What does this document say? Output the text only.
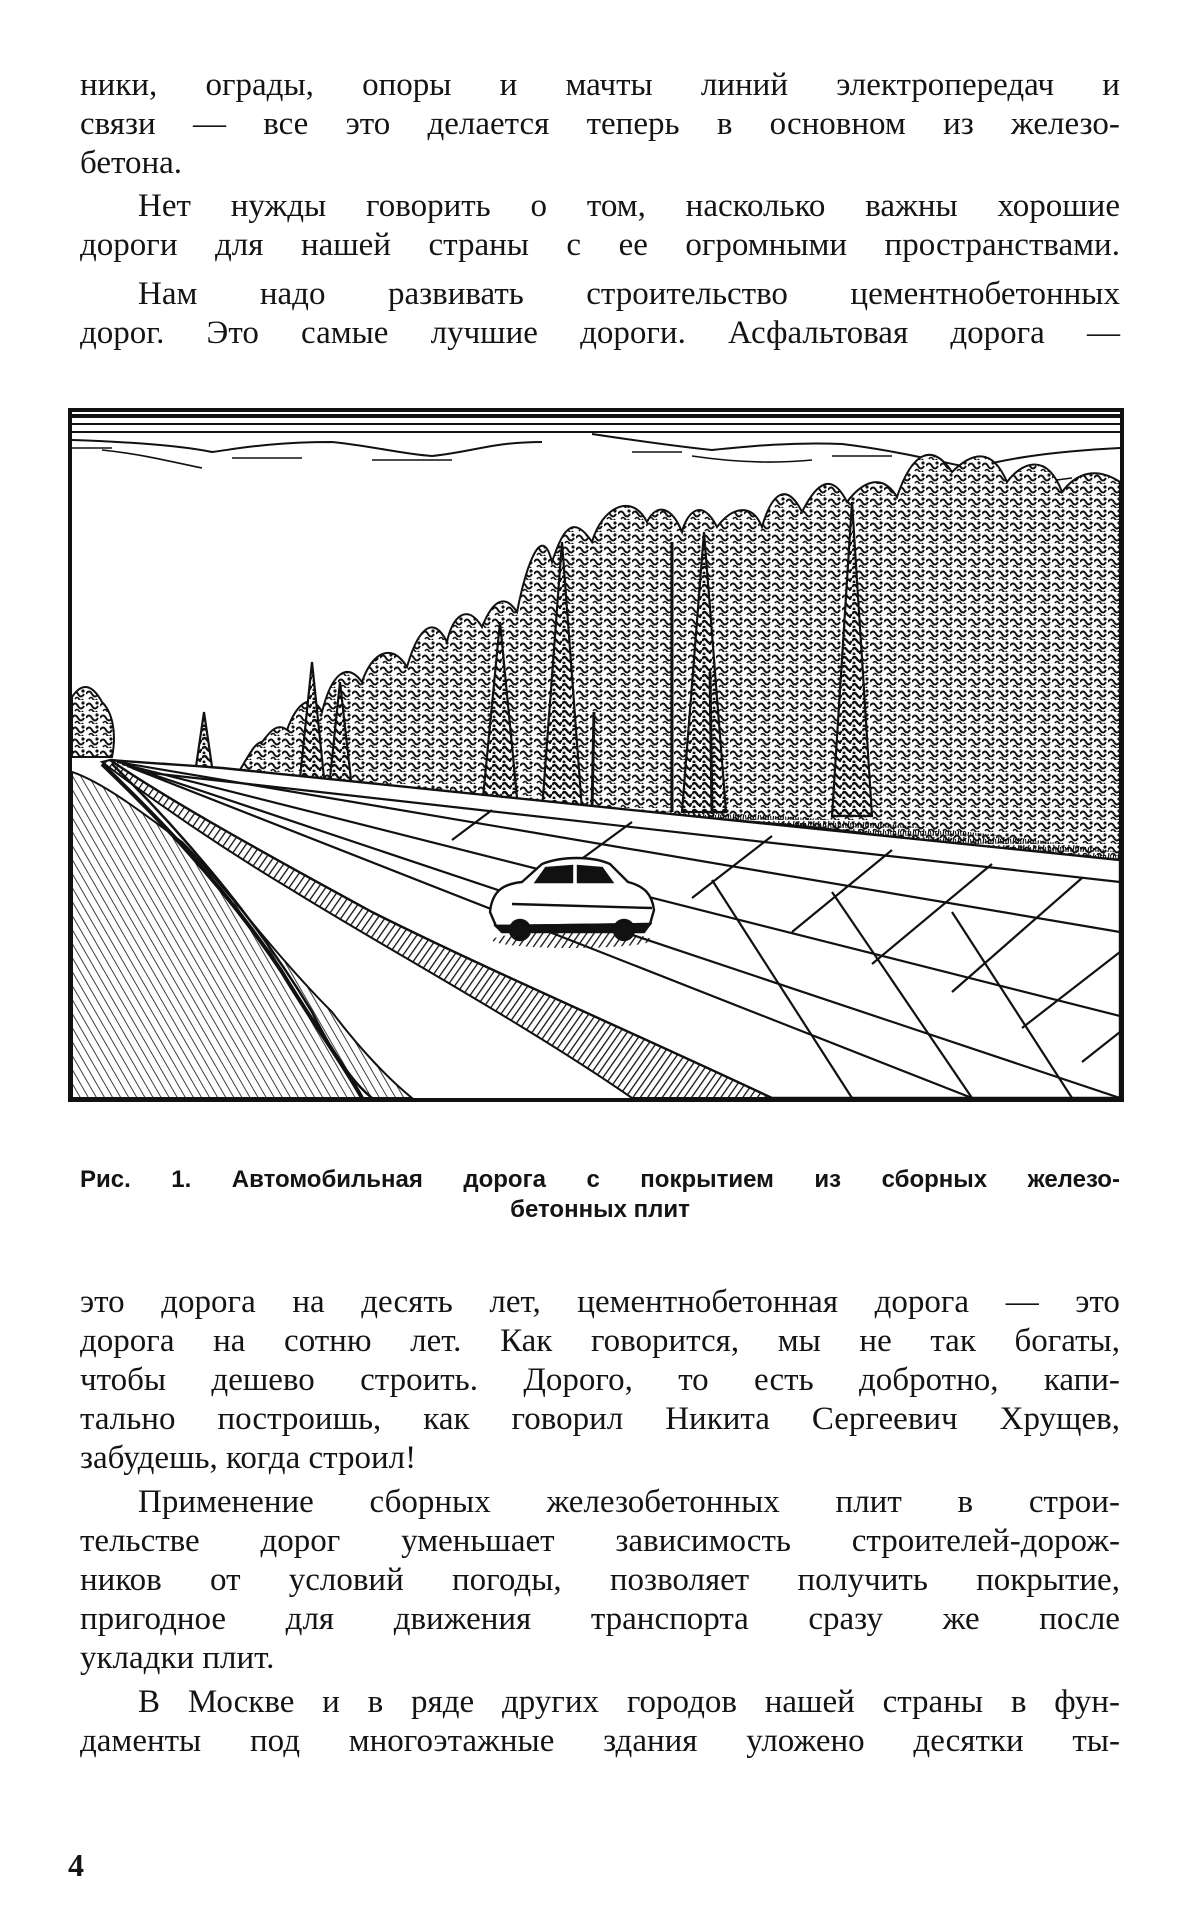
ники, ограды, опоры и мачты линий электропередач и
связи — все это делается теперь в основном из железо-
бетона.
Нет нужды говорить о том, насколько важны хорошие
дороги для нашей страны с ее огромными пространствами.
Нам надо развивать строительство цементнобетонных
дорог. Это самые лучшие дороги. Асфальтовая дорога —
Рис. 1. Автомобильная дорога с покрытием из сборных железо-
бетонных плит
это дорога на десять лет, цементнобетонная дорога — это
дорога на сотню лет. Как говорится, мы не так богаты,
чтобы дешево строить. Дорого, то есть добротно, капи-
тально построишь, как говорил Никита Сергеевич Хрущев,
забудешь, когда строил!
Применение сборных железобетонных плит в строи-
тельстве дорог уменьшает зависимость строителей-дорож-
ников от условий погоды, позволяет получить покрытие,
пригодное для движения транспорта сразу же после
укладки плит.
В Москве и в ряде других городов нашей страны в фун-
даменты под многоэтажные здания уложено десятки ты-
4
